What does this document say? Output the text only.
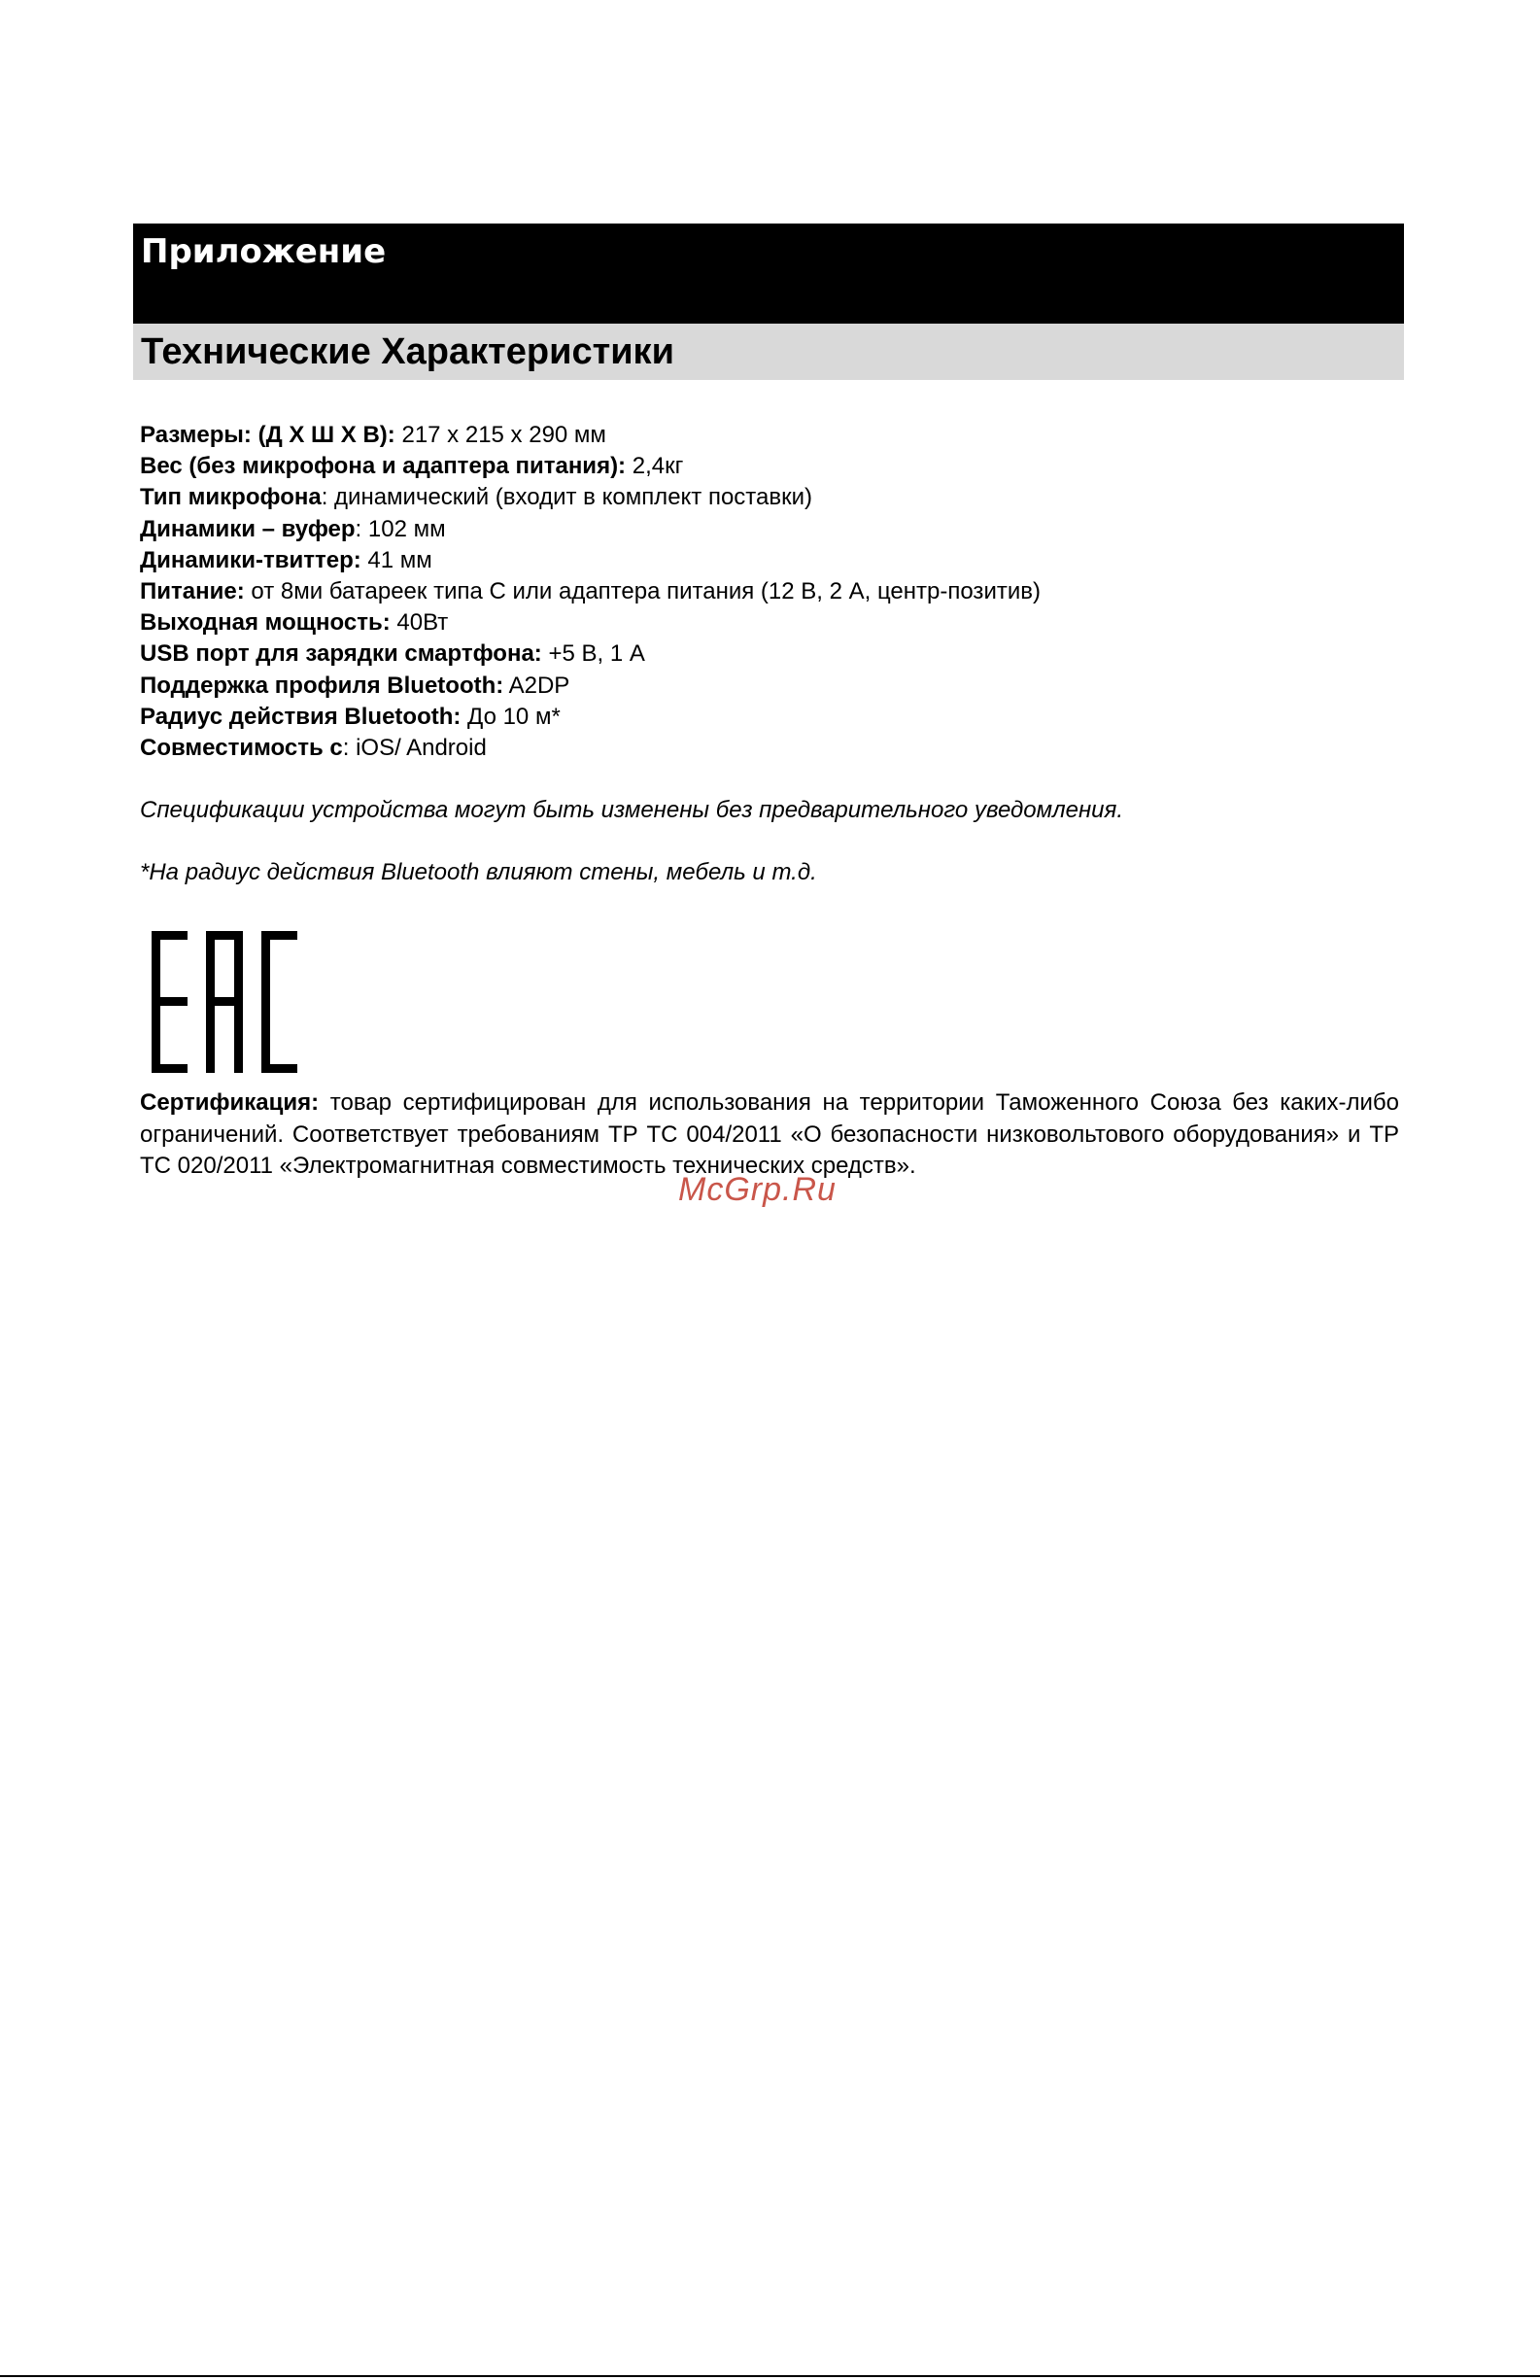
Приложение
Технические Характеристики
Размеры: (Д Х Ш Х В): 217 х 215 х 290 мм
Вес (без микрофона и адаптера питания): 2,4кг
Тип микрофона: динамический (входит в комплект поставки)
Динамики – вуфер: 102 мм
Динамики-твиттер: 41 мм
Питание: от 8ми батареек типа С или адаптера питания (12 В, 2 А, центр-позитив)
Выходная мощность: 40Вт
USB порт для зарядки смартфона: +5 В, 1 А
Поддержка профиля Bluetooth: A2DP
Радиус действия Bluetooth: До 10 м*
Совместимость с: iOS/ Android

Спецификации устройства могут быть изменены без предварительного уведомления.

*На радиус действия Bluetooth влияют стены, мебель и т.д.

Сертификация: товар сертифицирован для использования на территории Таможенного Союза без каких-либо ограничений. Соответствует требованиям ТР ТС 004/2011 «О безопасности низковольтового оборудования» и ТР ТС 020/2011 «Электромагнитная совместимость технических средств».

McGrp.Ru
